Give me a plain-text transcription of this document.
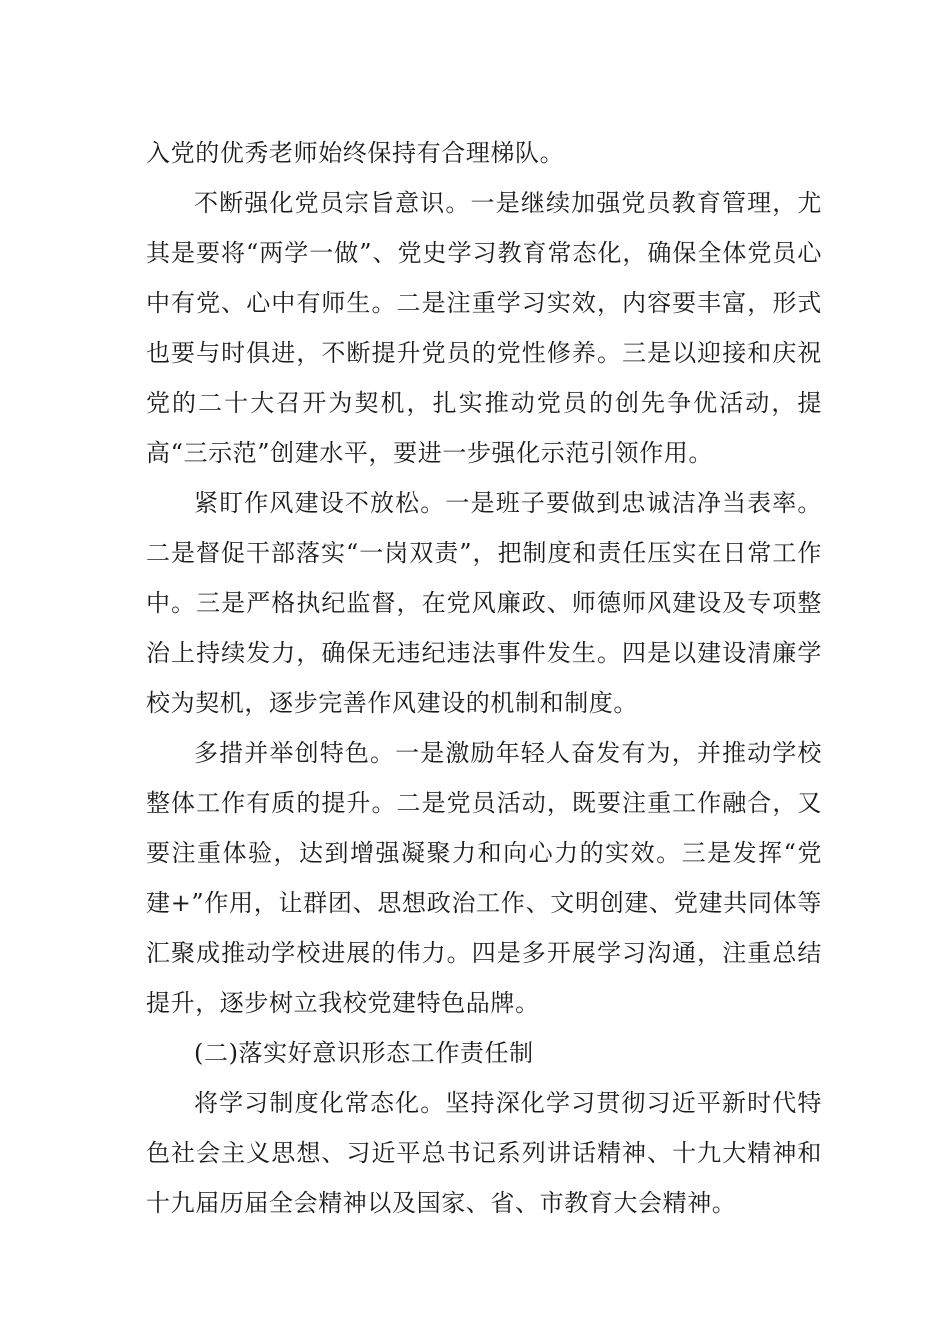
入党的优秀老师始终保持有合理梯队。

不断强化党员宗旨意识。一是继续加强党员教育管理，尤其是要将“两学一做”、党史学习教育常态化，确保全体党员心中有党、心中有师生。二是注重学习实效，内容要丰富，形式也要与时俱进，不断提升党员的党性修养。三是以迎接和庆祝党的二十大召开为契机，扎实推动党员的创先争优活动，提高“三示范”创建水平，要进一步强化示范引领作用。

紧盯作风建设不放松。一是班子要做到忠诚洁净当表率。二是督促干部落实“一岗双责”，把制度和责任压实在日常工作中。三是严格执纪监督，在党风廉政、师德师风建设及专项整治上持续发力，确保无违纪违法事件发生。四是以建设清廉学校为契机，逐步完善作风建设的机制和制度。

多措并举创特色。一是激励年轻人奋发有为，并推动学校整体工作有质的提升。二是党员活动，既要注重工作融合，又要注重体验，达到增强凝聚力和向心力的实效。三是发挥“党建+”作用，让群团、思想政治工作、文明创建、党建共同体等汇聚成推动学校进展的伟力。四是多开展学习沟通，注重总结提升，逐步树立我校党建特色品牌。

(二)落实好意识形态工作责任制

将学习制度化常态化。坚持深化学习贯彻习近平新时代特色社会主义思想、习近平总书记系列讲话精神、十九大精神和十九届历届全会精神以及国家、省、市教育大会精神。
